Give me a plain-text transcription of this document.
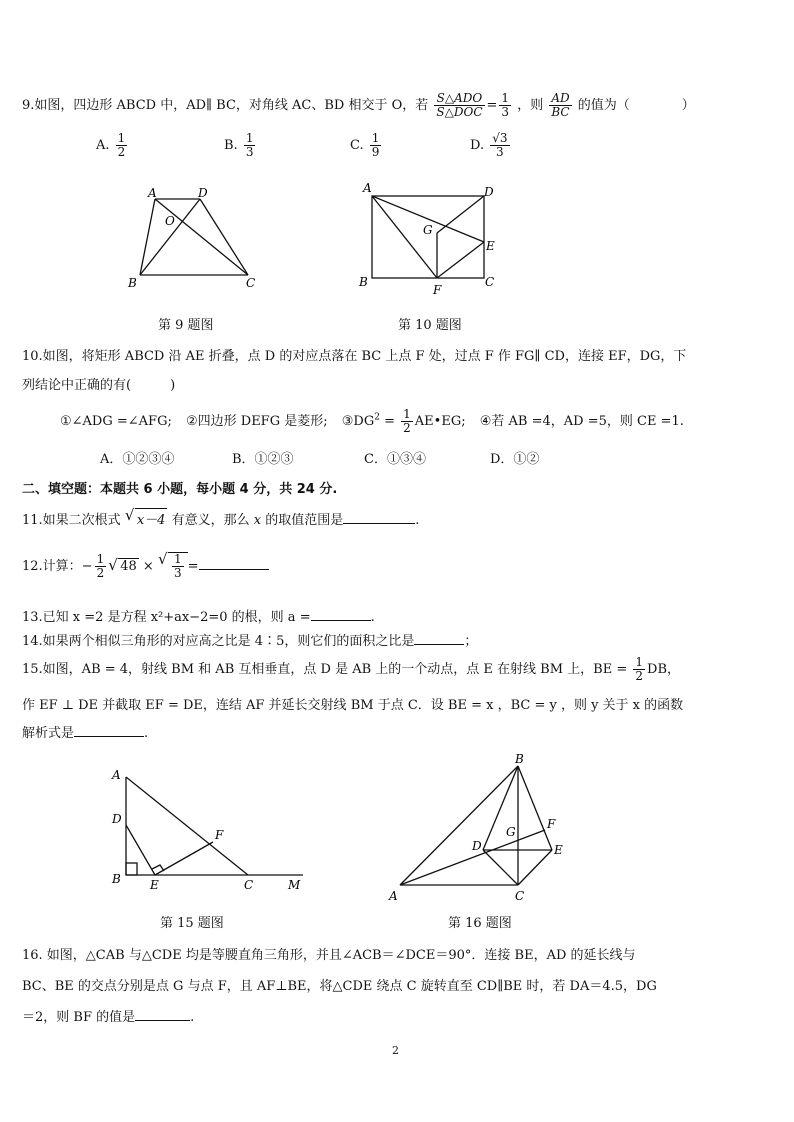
9.如图，四边形 ABCD 中，AD∥ BC，对角线 AC、BD 相交于 O，若 $\frac{\text{S△ADO}}{\text{S△DOC}} = \frac{1}{3}$ ，则 $\frac{AD}{BC}$ 的值为（　　　　）
A. $\frac{1}{2}$	B. $\frac{1}{3}$	C. $\frac{1}{9}$	D. $\frac{√3}{3}$
A	D
O
B	C
第 9 题图
A	D
G
E
B
F
C
第 10 题图
10.如图，将矩形 ABCD 沿 AE 折叠，点 D 的对应点落在 BC 上点 F 处，过点 F 作 FG∥ CD，连接 EF，DG，下
列结论中正确的有(　　　)
①∠ADG =∠AFG; ②四边形 DEFG 是菱形; $③DG^2 = \frac{1}{2}$ AE•EG; ④若 AB =4，AD =5，则 CE =1.
A．①②③④	B．①②③	C．①③④	D．①②
二、填空题：本题共 6 小题，每小题 4 分，共 24 分.
11.如果二次根式 √ x－4 有意义，那么 x 的取值范围是	.
12.计算：− $\frac{1}{2}$ √ 48 × √ $\frac{1}{3}$ =
13.已知 x =2 是方程 x²+ax−2=0 的根，则 a =	.
14.如果两个相似三角形的对应高之比是 4∶5，则它们的面积之比是	；
15.如图，AB = 4，射线 BM 和 AB 互相垂直，点 D 是 AB 上的一个动点，点 E 在射线 BM 上，BE = $\frac{1}{2}$ DB，
作 EF ⊥ DE 并截取 EF = DE，连结 AF 并延长交射线 BM 于点 C．设 BE = x ，BC = y ，则 y 关于 x 的函数
解析式是	.
A
D
F
B E	C	M
第 15 题图
B
F
G
D	E
A	C
第 16 题图
16. 如图，△CAB 与△CDE 均是等腰直角三角形，并且∠ACB＝∠DCE＝90°．连接 BE，AD 的延长线与
BC、BE 的交点分别是点 G 与点 F，且 AF⊥BE，将△CDE 绕点 C 旋转直至 CD∥BE 时，若 DA＝4.5，DG
＝2，则 BF 的值是	.
2
